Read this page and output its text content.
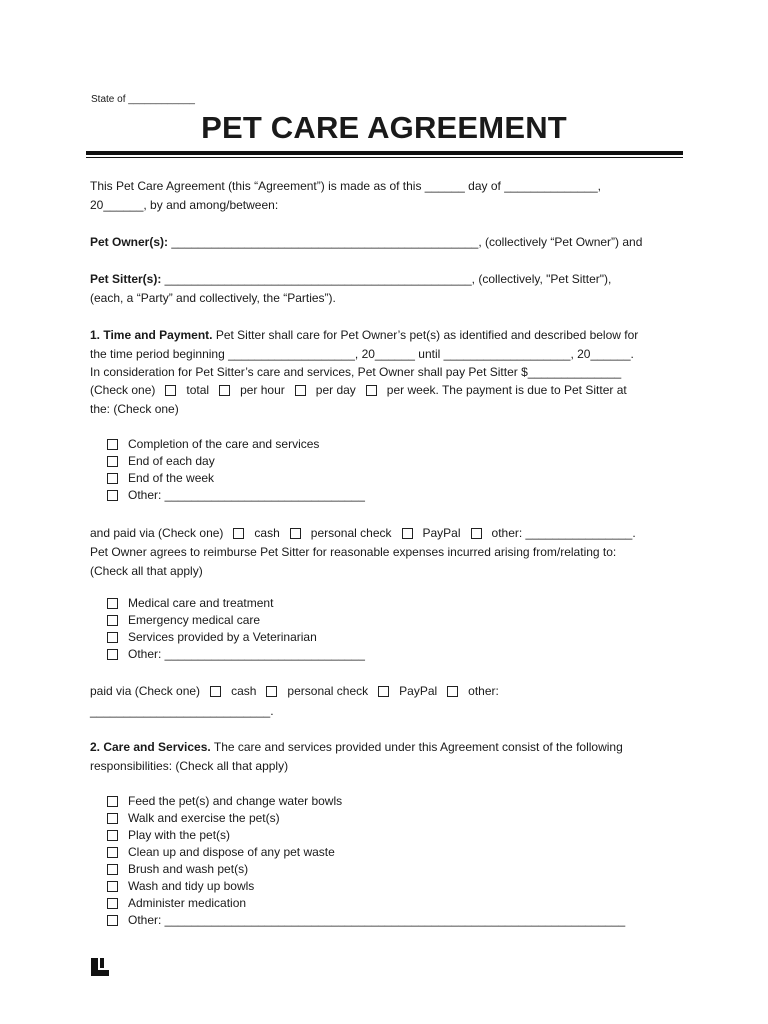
State of ____________
PET CARE AGREEMENT
This Pet Care Agreement (this “Agreement”) is made as of this ______ day of ______________,
20______, by and among/between:
Pet Owner(s): ______________________________________________, (collectively “Pet Owner”) and
Pet Sitter(s): ______________________________________________, (collectively, "Pet Sitter"),
(each, a “Party” and collectively, the “Parties”).
1. Time and Payment. Pet Sitter shall care for Pet Owner’s pet(s) as identified and described below for
the time period beginning ___________________, 20______ until ___________________, 20______.
In consideration for Pet Sitter’s care and services, Pet Owner shall pay Pet Sitter $______________
(Check one)	total	per hour	per day	per week. The payment is due to Pet Sitter at
the: (Check one)
Completion of the care and services
End of each day
End of the week
Other: ______________________________
and paid via (Check one)	cash	personal check	PayPal	other: ________________.
Pet Owner agrees to reimburse Pet Sitter for reasonable expenses incurred arising from/relating to:
(Check all that apply)
Medical care and treatment
Emergency medical care
Services provided by a Veterinarian
Other: ______________________________
paid via (Check one)	cash	personal check	PayPal	other:
___________________________.
2. Care and Services. The care and services provided under this Agreement consist of the following
responsibilities: (Check all that apply)
Feed the pet(s) and change water bowls
Walk and exercise the pet(s)
Play with the pet(s)
Clean up and dispose of any pet waste
Brush and wash pet(s)
Wash and tidy up bowls
Administer medication
Other: _____________________________________________________________________
